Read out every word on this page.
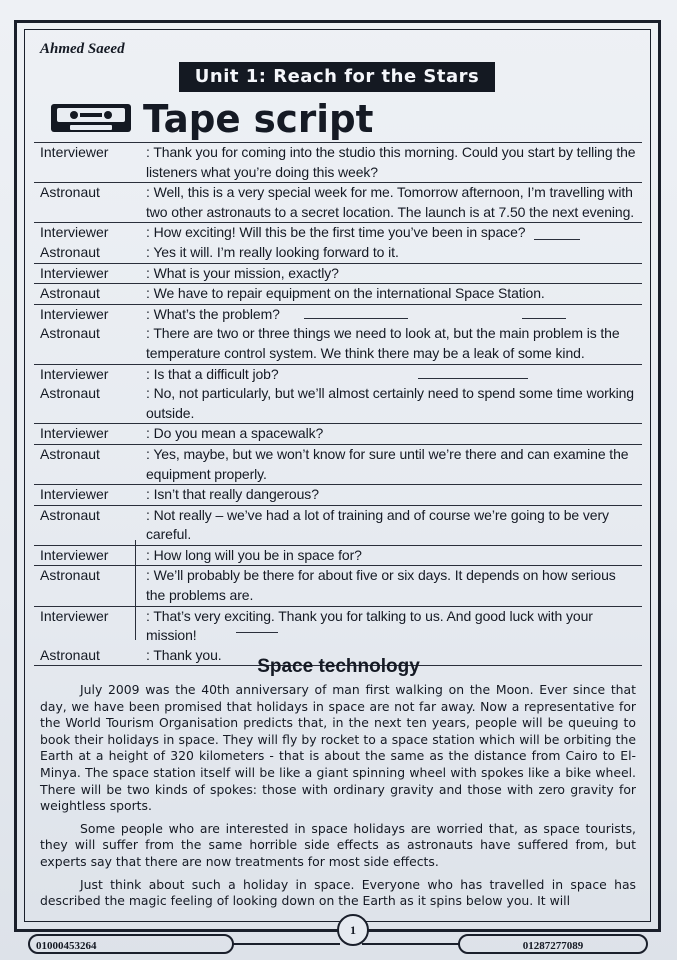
Ahmed Saeed
Unit 1: Reach for the Stars
Tape script
Interviewer	: Thank you for coming into the studio this morning. Could you start by telling the listeners what you’re doing this week?
Astronaut	: Well, this is a very special week for me. Tomorrow afternoon, I’m travelling with two other astronauts to a secret location. The launch is at 7.50 the next evening.
Interviewer	: How exciting! Will this be the first time you’ve been in space?
Astronaut	: Yes it will. I’m really looking forward to it.
Interviewer	: What is your mission, exactly?
Astronaut	: We have to repair equipment on the international Space Station.
Interviewer	: What’s the problem?
Astronaut	: There are two or three things we need to look at, but the main problem is the temperature control system. We think there may be a leak of some kind.
Interviewer	: Is that a difficult job?
Astronaut	: No, not particularly, but we’ll almost certainly need to spend some time working outside.
Interviewer	: Do you mean a spacewalk?
Astronaut	: Yes, maybe, but we won’t know for sure until we’re there and can examine the equipment properly.
Interviewer	: Isn’t that really dangerous?
Astronaut	: Not really – we’ve had a lot of training and of course we’re going to be very careful.
Interviewer	: How long will you be in space for?
Astronaut	: We’ll probably be there for about five or six days. It depends on how serious the problems are.
Interviewer	: That’s very exciting. Thank you for talking to us. And good luck with your mission!
Astronaut	: Thank you.
Space technology

July 2009 was the 40th anniversary of man first walking on the Moon. Ever since that day, we have been promised that holidays in space are not far away. Now a representative for the World Tourism Organisation predicts that, in the next ten years, people will be queuing to book their holidays in space. They will fly by rocket to a space station which will be orbiting the Earth at a height of 320 kilometers - that is about the same as the distance from Cairo to El-Minya. The space station itself will be like a giant spinning wheel with spokes like a bike wheel. There will be two kinds of spokes: those with ordinary gravity and those with zero gravity for weightless sports.

Some people who are interested in space holidays are worried that, as space tourists, they will suffer from the same horrible side effects as astronauts have suffered from, but experts say that there are now treatments for most side effects.

Just think about such a holiday in space. Everyone who has travelled in space has described the magic feeling of looking down on the Earth as it spins below you. It will

01000453264
1
01287277089
